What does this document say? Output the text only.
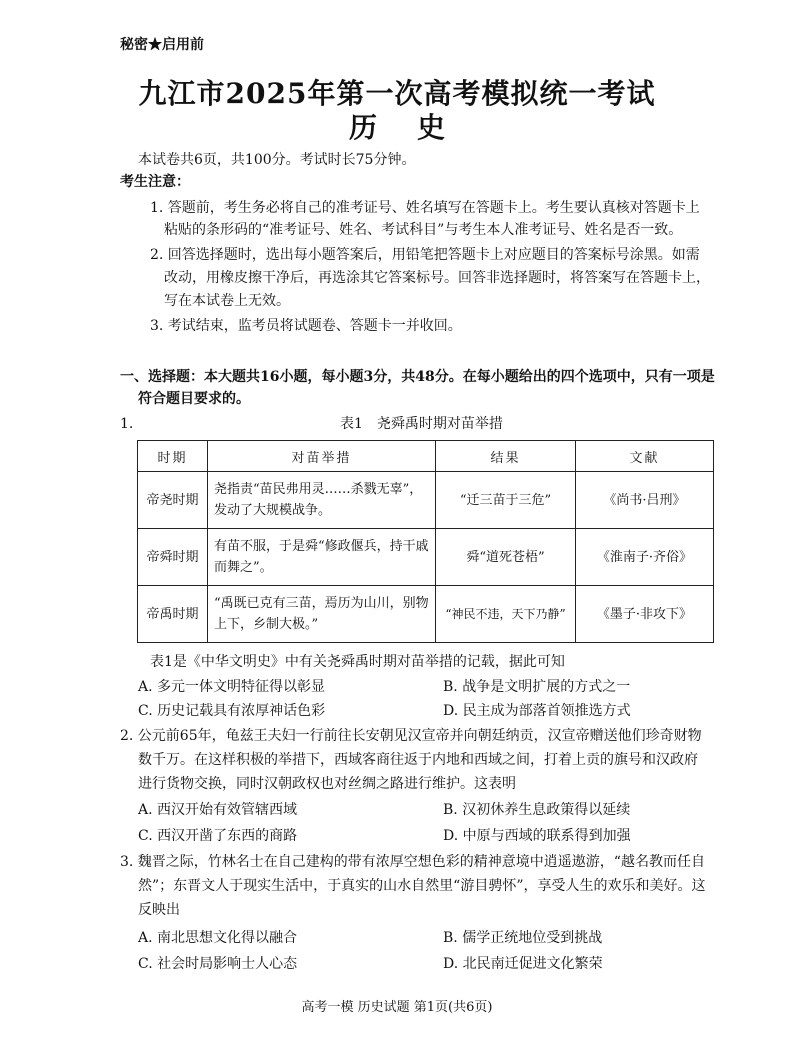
秘密★启用前
九江市2025年第一次高考模拟统一考试
历史
本试卷共6页，共100分。考试时长75分钟。
考生注意：
1. 答题前，考生务必将自己的准考证号、姓名填写在答题卡上。考生要认真核对答题卡上
粘贴的条形码的“准考证号、姓名、考试科目”与考生本人准考证号、姓名是否一致。
2. 回答选择题时，选出每小题答案后，用铅笔把答题卡上对应题目的答案标号涂黑。如需
改动，用橡皮擦干净后，再选涂其它答案标号。回答非选择题时，将答案写在答题卡上，
写在本试卷上无效。
3. 考试结束，监考员将试题卷、答题卡一并收回。
一、选择题：本大题共16小题，每小题3分，共48分。在每小题给出的四个选项中，只有一项是
符合题目要求的。
1.	表1　尧舜禹时期对苗举措
时期	对苗举措	结果	文献
帝尧时期	尧指责“苗民弗用灵……杀戮无辜”，发动了大规模战争。	“迁三苗于三危”	《尚书·吕刑》
帝舜时期	有苗不服，于是舜“修政偃兵，持干戚而舞之”。	舜“道死苍梧”	《淮南子·齐俗》
帝禹时期	“禹既已克有三苗，焉历为山川，别物上下，乡制大极。”	“神民不违，天下乃静”	《墨子·非攻下》
表1是《中华文明史》中有关尧舜禹时期对苗举措的记载，据此可知
A. 多元一体文明特征得以彰显	B. 战争是文明扩展的方式之一
C. 历史记载具有浓厚神话色彩	D. 民主成为部落首领推选方式
2. 公元前65年，龟兹王夫妇一行前往长安朝见汉宣帝并向朝廷纳贡，汉宣帝赠送他们珍奇财物
数千万。在这样积极的举措下，西域客商往返于内地和西域之间，打着上贡的旗号和汉政府
进行货物交换，同时汉朝政权也对丝绸之路进行维护。这表明
A. 西汉开始有效管辖西域	B. 汉初休养生息政策得以延续
C. 西汉开凿了东西的商路	D. 中原与西域的联系得到加强
3. 魏晋之际，竹林名士在自己建构的带有浓厚空想色彩的精神意境中逍遥遨游，“越名教而任自
然”；东晋文人于现实生活中，于真实的山水自然里“游目骋怀”，享受人生的欢乐和美好。这
反映出
A. 南北思想文化得以融合	B. 儒学正统地位受到挑战
C. 社会时局影响士人心态	D. 北民南迁促进文化繁荣
高考一模 历史试题 第1页(共6页)
